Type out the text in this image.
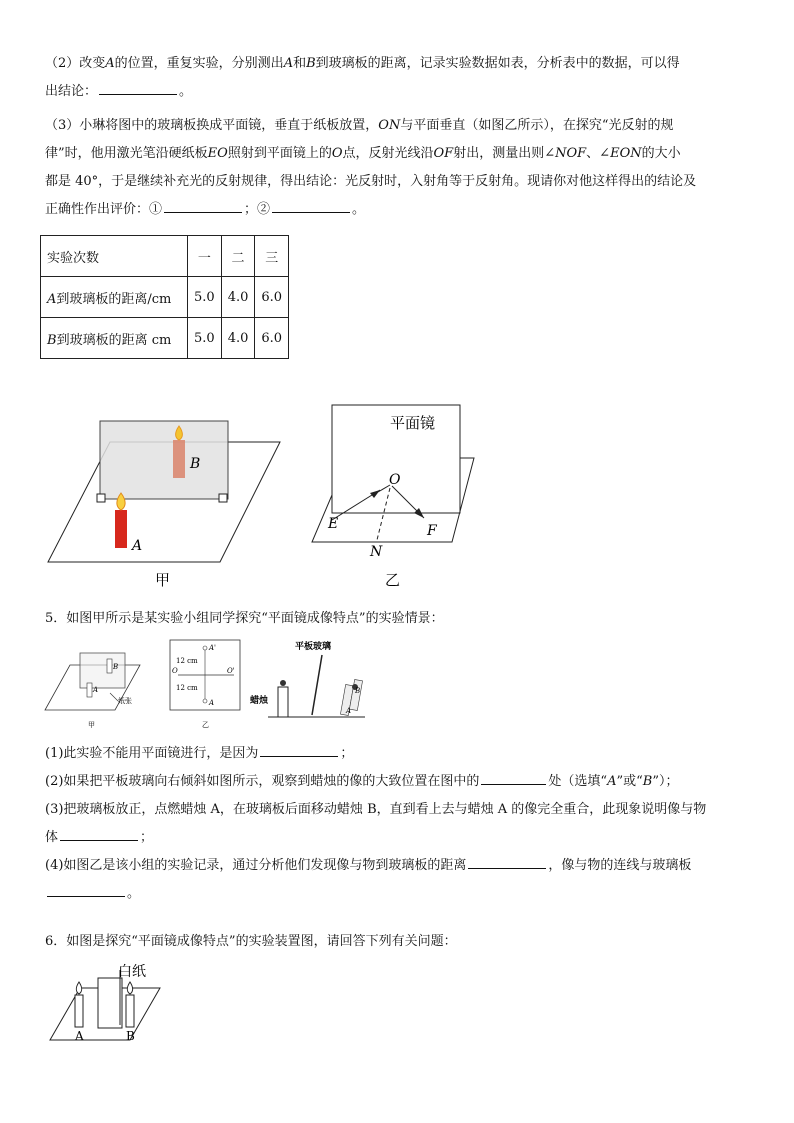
（2）改变A的位置，重复实验，分别测出A和B到玻璃板的距离，记录实验数据如表，分析表中的数据，可以得
出结论：	。
（3）小琳将图中的玻璃板换成平面镜，垂直于纸板放置，ON与平面垂直（如图乙所示），在探究“光反射的规
律”时，他用激光笔沿硬纸板EO照射到平面镜上的O点，反射光线沿OF射出，测量出则∠NOF、∠EON的大小
都是 40°，于是继续补充光的反射规律，得出结论：光反射时，入射角等于反射角。现请你对他这样得出的结论及
正确性作出评价：①	；②	。
实验次数	一	二	三
A到玻璃板的距离/cm	5.0	4.0	6.0
B到玻璃板的距离 cm	5.0	4.0	6.0
A
B
甲
平面镜
O
E
N
F
乙
5．如图甲所示是某实验小组同学探究“平面镜成像特点”的实验情景：
B
A
纸张
甲
A'
A
O	O'
12 cm
12 cm
乙
平板玻璃
蜡烛
A
B
(1)此实验不能用平面镜进行，是因为	；
(2)如果把平板玻璃向右倾斜如图所示，观察到蜡烛的像的大致位置在图中的	处（选填“A”或“B”）；
(3)把玻璃板放正，点燃蜡烛 A，在玻璃板后面移动蜡烛 B，直到看上去与蜡烛 A 的像完全重合，此现象说明像与物
体	；
(4)如图乙是该小组的实验记录，通过分析他们发现像与物到玻璃板的距离	，像与物的连线与玻璃板
。
6．如图是探究“平面镜成像特点”的实验装置图，请回答下列有关问题：
白纸
A	B
